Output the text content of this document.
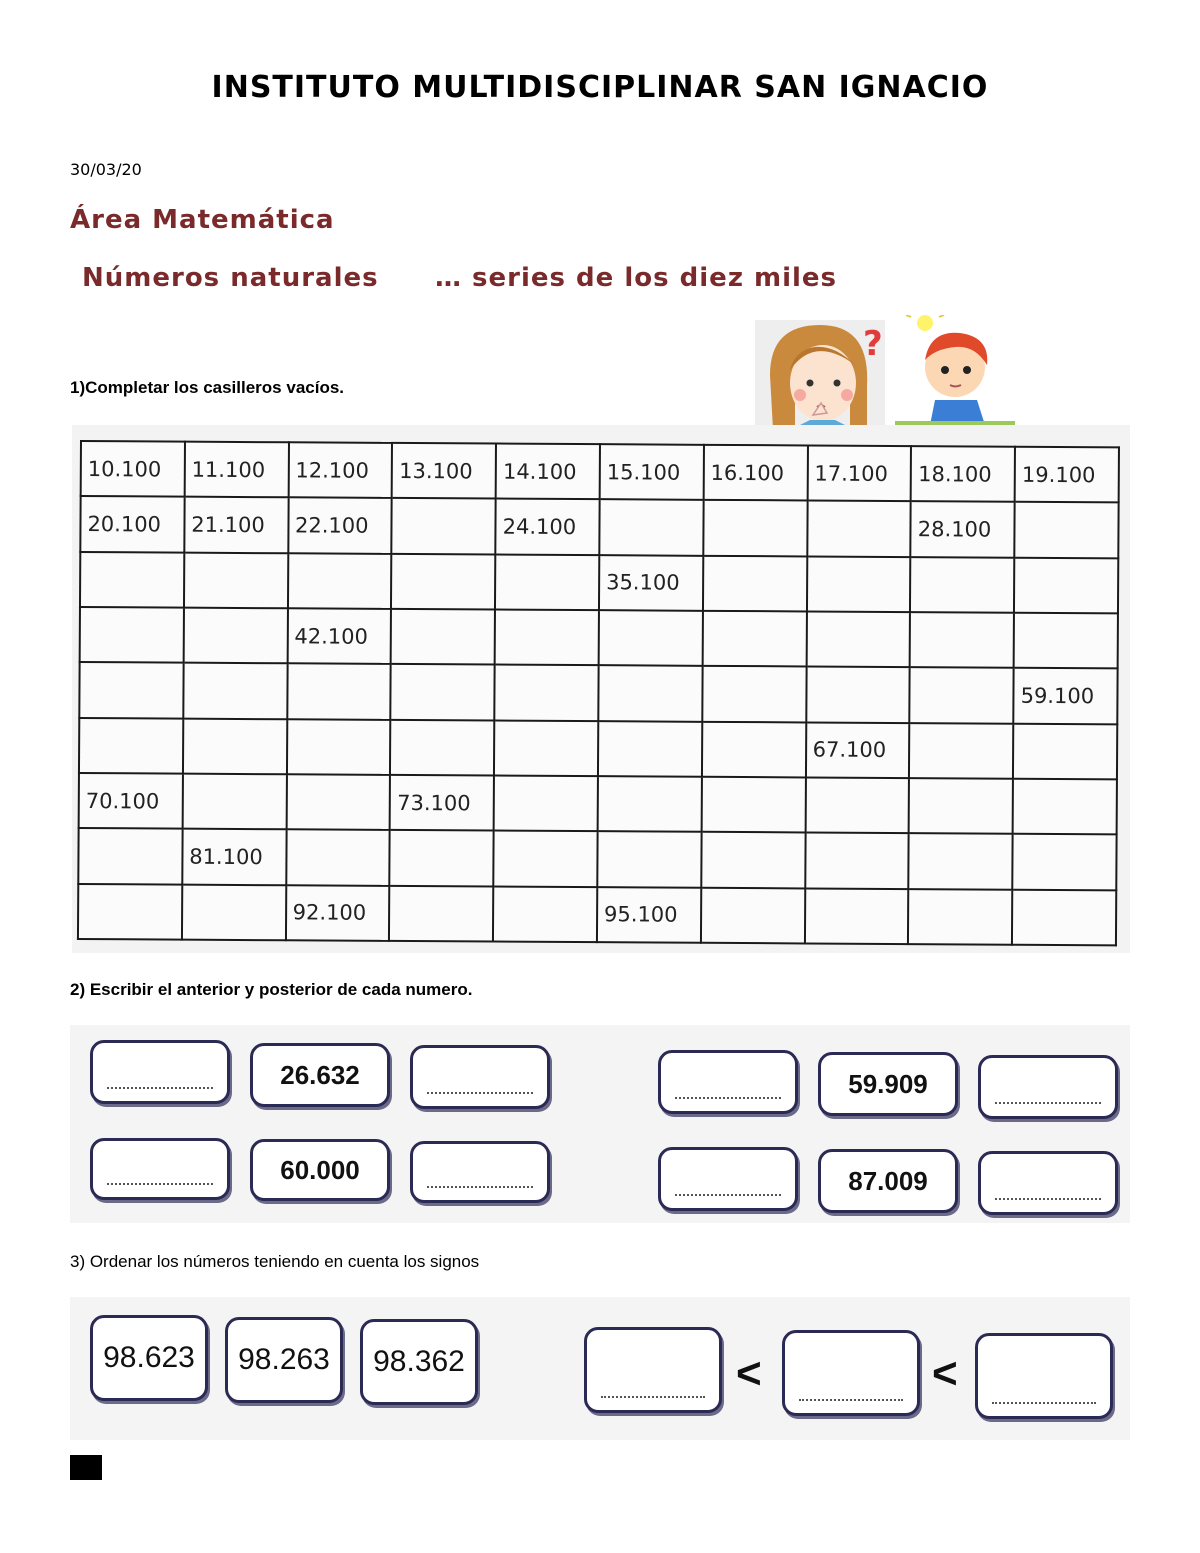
INSTITUTO MULTIDISCIPLINAR SAN IGNACIO
30/03/20
Área Matemática
Números naturales … series de los diez miles
1)Completar los casilleros vacíos.
?
10.100	11.100	12.100	13.100	14.100	15.100	16.100	17.100	18.100	19.100
20.100	21.100	22.100		24.100				28.100	
					35.100				
		42.100							
									59.100
							67.100		
70.100			73.100						
	81.100								
		92.100			95.100				
2) Escribir el anterior y posterior de cada numero.
26.632
60.000
59.909
87.009
3) Ordenar los números teniendo en cuenta los signos
98.623 98.263 98.362	<	<
